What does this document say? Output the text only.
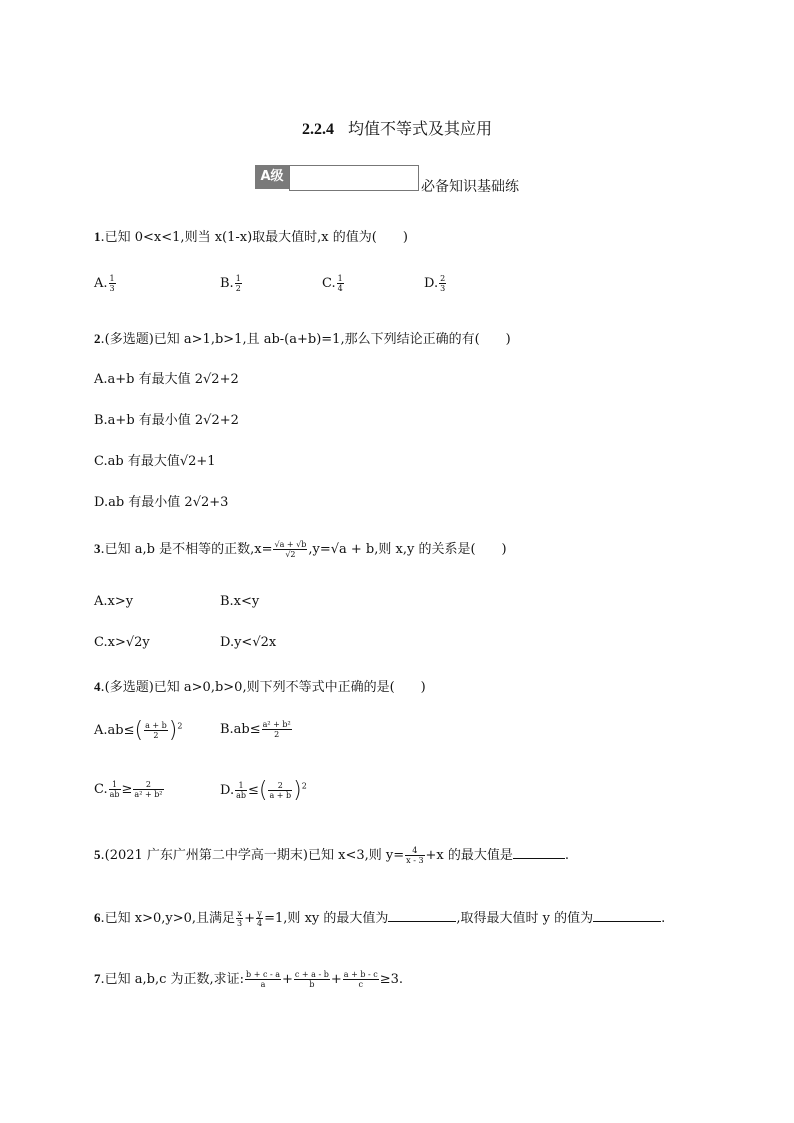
2.2.4 均值不等式及其应用
A级必备知识基础练
1.已知 0<x<1,则当 x(1-x)取最大值时,x 的值为(　　)
A. $\frac{1}{3}$	B. $\frac{1}{2}$	C. $\frac{1}{4}$	D. $\frac{2}{3}$
2.(多选题)已知 a>1,b>1,且 ab-(a+b)=1,那么下列结论正确的有(　　)
A.a+b 有最大值 2√2+2
B.a+b 有最小值 2√2+2
C.ab 有最大值√2+1
D.ab 有最小值 2√2+3
3.已知 a,b 是不相等的正数$,x= \frac{√a + √b}{√2} ,y=√a + b$,则 x,y 的关系是(　　)
A.x>y	B.x<y
C.x>√2y	D.y<√2x
4.(多选题)已知 a>0,b>0,则下列不等式中正确的是(　　)
$A.ab\le( \frac{a + b}{2} )^2$	$B.ab\le \frac{\text{a² + b²}}{2}$
C. $\frac{1}{ab} \ge \frac{2}{\text{a² + b²}}$	D. $\frac{1}{ab}$ ≤( $\frac{2}{a + b} )^2$
5.(2021 广东广州第二中学高一期末)已知 x<3,则 $y= \frac{4}{x - 3} +x$ 的最大值是	.
6.已知 x>0,y>0,且满足 $\frac{x}{3} + \frac{y}{4} =1$,则 xy 的最大值为	,取得最大值时 y 的值为	.
7.已知 a,b,c 为正数,求证: $\frac{b + c - a}{a} + \frac{c + a - b}{b} + \frac{a + b - c}{c} \ge 3$.
